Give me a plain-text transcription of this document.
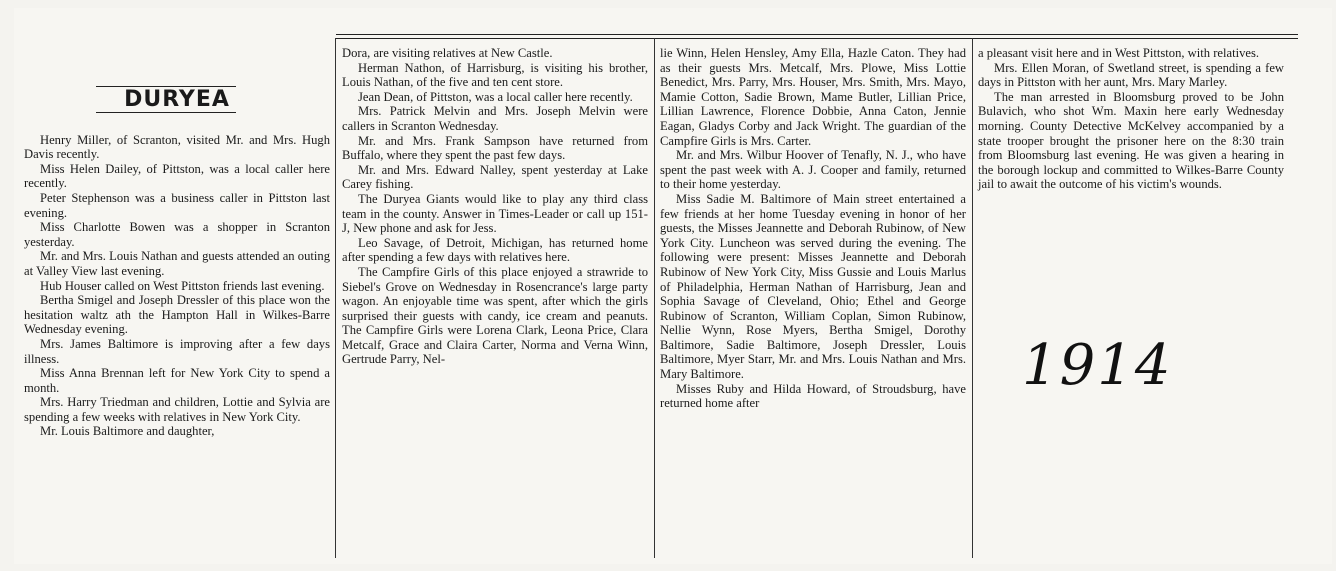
DURYEA

Henry Miller, of Scranton, visited Mr. and Mrs. Hugh Davis recently.

Miss Helen Dailey, of Pittston, was a local caller here recently.

Peter Stephenson was a business caller in Pittston last evening.

Miss Charlotte Bowen was a shopper in Scranton yesterday.

Mr. and Mrs. Louis Nathan and guests attended an outing at Valley View last evening.

Hub Houser called on West Pittston friends last evening.

Bertha Smigel and Joseph Dressler of this place won the hesitation waltz ath the Hampton Hall in Wilkes-Barre Wednesday evening.

Mrs. James Baltimore is improving after a few days illness.

Miss Anna Brennan left for New York City to spend a month.

Mrs. Harry Triedman and children, Lottie and Sylvia are spending a few weeks with relatives in New York City.

Mr. Louis Baltimore and daughter,

Dora, are visiting relatives at New Castle.

Herman Nathon, of Harrisburg, is visiting his brother, Louis Nathan, of the five and ten cent store.

Jean Dean, of Pittston, was a local caller here recently.

Mrs. Patrick Melvin and Mrs. Joseph Melvin were callers in Scranton Wednesday.

Mr. and Mrs. Frank Sampson have returned from Buffalo, where they spent the past few days.

Mr. and Mrs. Edward Nalley, spent yesterday at Lake Carey fishing.

The Duryea Giants would like to play any third class team in the county. Answer in Times-Leader or call up 151-J, New phone and ask for Jess.

Leo Savage, of Detroit, Michigan, has returned home after spending a few days with relatives here.

The Campfire Girls of this place enjoyed a strawride to Siebel's Grove on Wednesday in Rosencrance's large party wagon. An enjoyable time was spent, after which the girls surprised their guests with candy, ice cream and peanuts. The Campfire Girls were Lorena Clark, Leona Price, Clara Metcalf, Grace and Claira Carter, Norma and Verna Winn, Gertrude Parry, Nel-

lie Winn, Helen Hensley, Amy Ella, Hazle Caton. They had as their guests Mrs. Metcalf, Mrs. Plowe, Miss Lottie Benedict, Mrs. Parry, Mrs. Houser, Mrs. Smith, Mrs. Mayo, Mamie Cotton, Sadie Brown, Mame Butler, Lillian Price, Lillian Lawrence, Florence Dobbie, Anna Caton, Jennie Eagan, Gladys Corby and Jack Wright. The guardian of the Campfire Girls is Mrs. Carter.

Mr. and Mrs. Wilbur Hoover of Tenafly, N. J., who have spent the past week with A. J. Cooper and family, returned to their home yesterday.

Miss Sadie M. Baltimore of Main street entertained a few friends at her home Tuesday evening in honor of her guests, the Misses Jeannette and Deborah Rubinow, of New York City. Luncheon was served during the evening. The following were present: Misses Jeannette and Deborah Rubinow of New York City, Miss Gussie and Louis Marlus of Philadelphia, Herman Nathan of Harrisburg, Jean and Sophia Savage of Cleveland, Ohio; Ethel and George Rubinow of Scranton, William Coplan, Simon Rubinow, Nellie Wynn, Rose Myers, Bertha Smigel, Dorothy Baltimore, Sadie Baltimore, Joseph Dressler, Louis Baltimore, Myer Starr, Mr. and Mrs. Louis Nathan and Mrs. Mary Baltimore.

Misses Ruby and Hilda Howard, of Stroudsburg, have returned home after

a pleasant visit here and in West Pittston, with relatives.

Mrs. Ellen Moran, of Swetland street, is spending a few days in Pittston with her aunt, Mrs. Mary Marley.

The man arrested in Bloomsburg proved to be John Bulavich, who shot Wm. Maxin here early Wednesday morning. County Detective McKelvey accompanied by a state trooper brought the prisoner here on the 8:30 train from Bloomsburg last evening. He was given a hearing in the borough lockup and committed to Wilkes-Barre County jail to await the outcome of his victim's wounds.

1914
